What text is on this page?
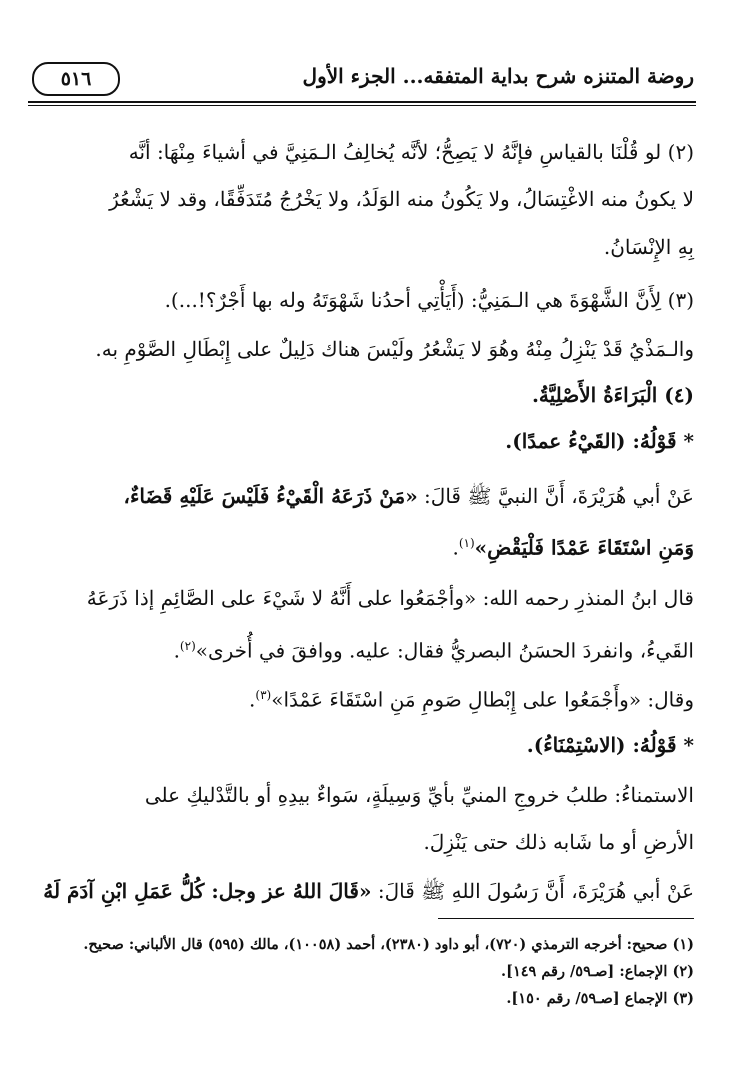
روضة المتنزه شرح بداية المتفقه... الجزء الأول
٥١٦
(٢) لو قُلْنَا بالقياسِ فإنَّهُ لا يَصِحُّ؛ لأنَّه يُخالِفُ الـمَنِيَّ في أشياءَ مِنْهَا: أنَّه
لا يكونُ منه الاغْتِسَالُ، ولا يَكُونُ منه الوَلَدُ، ولا يَخْرُجُ مُتَدَفِّقًا، وقد لا يَشْعُرُ
بِهِ الإِنْسَانُ.
(٣) لِأَنَّ الشَّهْوَةَ هي الـمَنِيُّ: (أَيَأْتِي أحدُنا شَهْوَتَهُ وله بها أَجْرٌ؟!...).
والـمَذْيُ قَدْ يَنْزِلُ مِنْهُ وهُوَ لا يَشْعُرُ ولَيْسَ هناك دَلِيلٌ على إِبْطَالِ الصَّوْمِ به.
(٤) الْبَرَاءَةُ الأَصْلِيَّةُ.
* قَوْلُهُ: (القَيْءُ عمدًا).
عَنْ أبي هُرَيْرَةَ، أَنَّ النبيَّ ﷺ قَالَ: «مَنْ ذَرَعَهُ الْقَيْءُ فَلَيْسَ عَلَيْهِ قَضَاءٌ،
وَمَنِ اسْتَقَاءَ عَمْدًا فَلْيَقْضِ»$^{(١)}$.
قال ابنُ المنذرِ رحمه الله: «وأجْمَعُوا على أَنَّهُ لا شَيْءَ على الصَّائِمِ إذا ذَرَعَهُ
القَيءُ، وانفردَ الحسَنُ البصريُّ فقال: عليه. ووافقَ في أُخرى»$^{(٢)}$.
وقال: «وأَجْمَعُوا على إِبْطالِ صَومِ مَنِ اسْتَقَاءَ عَمْدًا»$^{(٣)}$.
* قَوْلُهُ: (الاسْتِمْنَاءُ).
الاستمناءُ: طلبُ خروجِ المنيِّ بأيِّ وَسِيلَةٍ، سَواءٌ بيدِهِ أو بالتَّدْليكِ على
الأرضِ أو ما شَابه ذلك حتى يَنْزِلَ.
عَنْ أبي هُرَيْرَةَ، أَنَّ رَسُولَ اللهِ ﷺ قَالَ: «قَالَ اللهُ عز وجل: كُلُّ عَمَلِ ابْنِ آدَمَ لَهُ
(١) صحيح: أخرجه الترمذي (٧٢٠)، أبو داود (٢٣٨٠)، أحمد (١٠٠٥٨)، مالك (٥٩٥) قال الألباني: صحيح.
(٢) الإجماع: [صـ٥٩/ رقم ١٤٩].
(٣) الإجماع [صـ٥٩/ رقم ١٥٠].
